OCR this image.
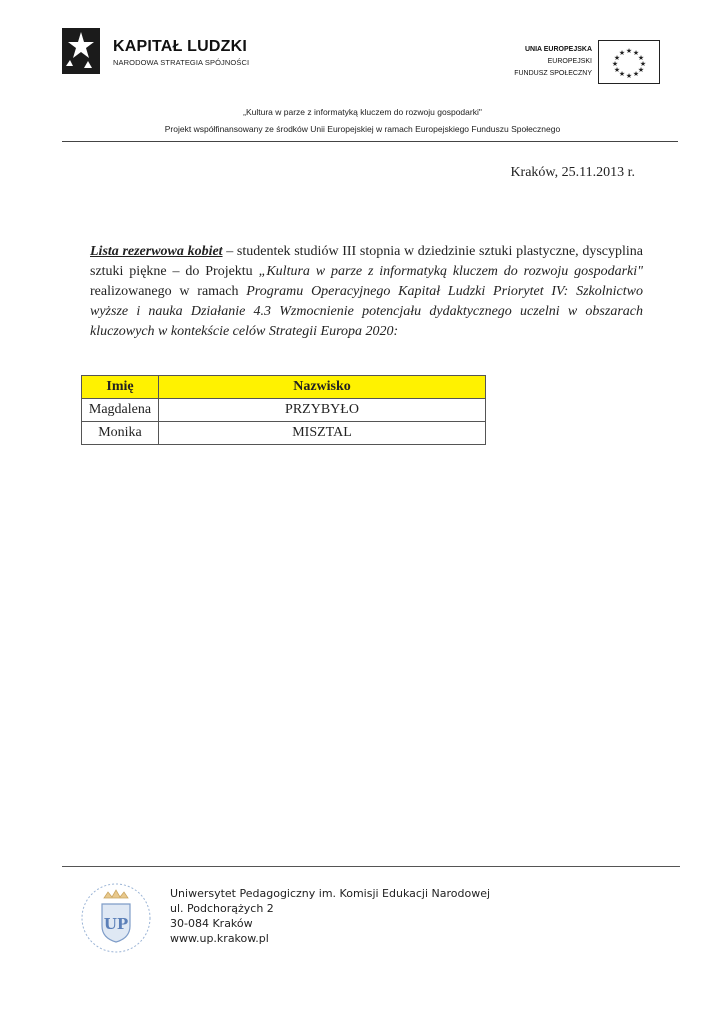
KAPITAŁ LUDZKI
NARODOWA STRATEGIA SPÓJNOŚCI
UNIA EUROPEJSKA
EUROPEJSKI
FUNDUSZ SPOŁECZNY
★ ★
★
★
★
★
★
★
★
★
★
★
„Kultura w parze z informatyką kluczem do rozwoju gospodarki"
Projekt współfinansowany ze środków Unii Europejskiej w ramach Europejskiego Funduszu Społecznego
Kraków, 25.11.2013 r.
Lista rezerwowa kobiet – studentek studiów III stopnia w dziedzinie sztuki plastyczne, dyscyplina sztuki piękne – do Projektu „Kultura w parze z informatyką kluczem do rozwoju gospodarki" realizowanego w ramach Programu Operacyjnego Kapitał Ludzki Priorytet IV: Szkolnictwo wyższe i nauka Działanie 4.3 Wzmocnienie potencjału dydaktycznego uczelni w obszarach kluczowych w kontekście celów Strategii Europa 2020:
Imię	Nazwisko
Magdalena	PRZYBYŁO
Monika	MISZTAL
UP
Uniwersytet Pedagogiczny im. Komisji Edukacji Narodowej
ul. Podchorążych 2
30-084 Kraków
www.up.krakow.pl
